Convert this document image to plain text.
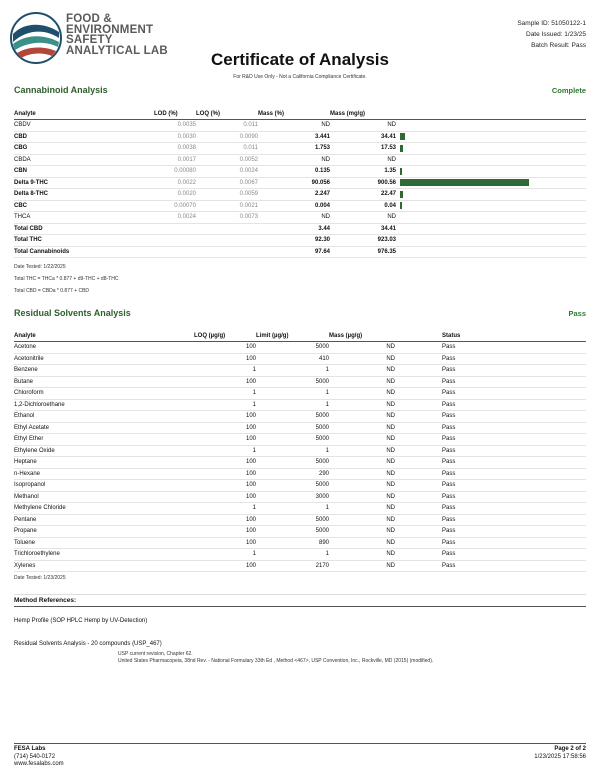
FOOD &
ENVIRONMENT
SAFETY
ANALYTICAL LAB
Sample ID: 51050122-1
Date Issued: 1/23/25
Batch Result: Pass
Certificate of Analysis
For R&D Use Only - Not a California Compliance Certificate.
Cannabinoid Analysis	Complete
Analyte	LOD (%)	LOQ (%)	Mass (%)	Mass (mg/g)	
CBDV	0.0035	0.011	ND	ND	
CBD	0.0030	0.0090	3.441	34.41	
CBG	0.0038	0.011	1.753	17.53	
CBDA	0.0017	0.0052	ND	ND	
CBN	0.00080	0.0024	0.135	1.35	
Delta 9-THC	0.0022	0.0067	90.056	900.56	
Delta 8-THC	0.0020	0.0059	2.247	22.47	
CBC	0.00070	0.0021	0.004	0.04	
THCA	0.0024	0.0073	ND	ND	
Total CBD			3.44	34.41	
Total THC			92.30	923.03	
Total Cannabinoids			97.64	976.35	
Date Tested: 1/22/2025
Total THC = THCa * 0.877 + d9-THC + d8-THC
Total CBD = CBDa * 0.877 + CBD
Residual Solvents Analysis	Pass
Analyte	LOQ (µg/g)	Limit (µg/g)	Mass (µg/g)	Status	
Acetone	100	5000	ND	Pass	
Acetonitrile	100	410	ND	Pass	
Benzene	1	1	ND	Pass	
Butane	100	5000	ND	Pass	
Chloroform	1	1	ND	Pass	
1,2-Dichloroethane	1	1	ND	Pass	
Ethanol	100	5000	ND	Pass	
Ethyl Acetate	100	5000	ND	Pass	
Ethyl Ether	100	5000	ND	Pass	
Ethylene Oxide	1	1	ND	Pass	
Heptane	100	5000	ND	Pass	
n-Hexane	100	290	ND	Pass	
Isopropanol	100	5000	ND	Pass	
Methanol	100	3000	ND	Pass	
Methylene Chloride	1	1	ND	Pass	
Pentane	100	5000	ND	Pass	
Propane	100	5000	ND	Pass	
Toluene	100	890	ND	Pass	
Trichloroethylene	1	1	ND	Pass	
Xylenes	100	2170	ND	Pass	
Date Tested: 1/23/2025
Method References:
Hemp Profile (SOP HPLC Hemp by UV-Detection)
Residual Solvents Analysis - 20 compounds (USP_467)
USP current revision, Chapter 62.
United States Pharmacopeia, 38nd Rev. - National Formulary 33th Ed , Method <467>, USP Convention, Inc., Rockville, MD (2015) (modified).
FESA Labs
(714) 540-0172
www.fesalabs.com
Page 2 of 2
1/23/2025 17:58:56
